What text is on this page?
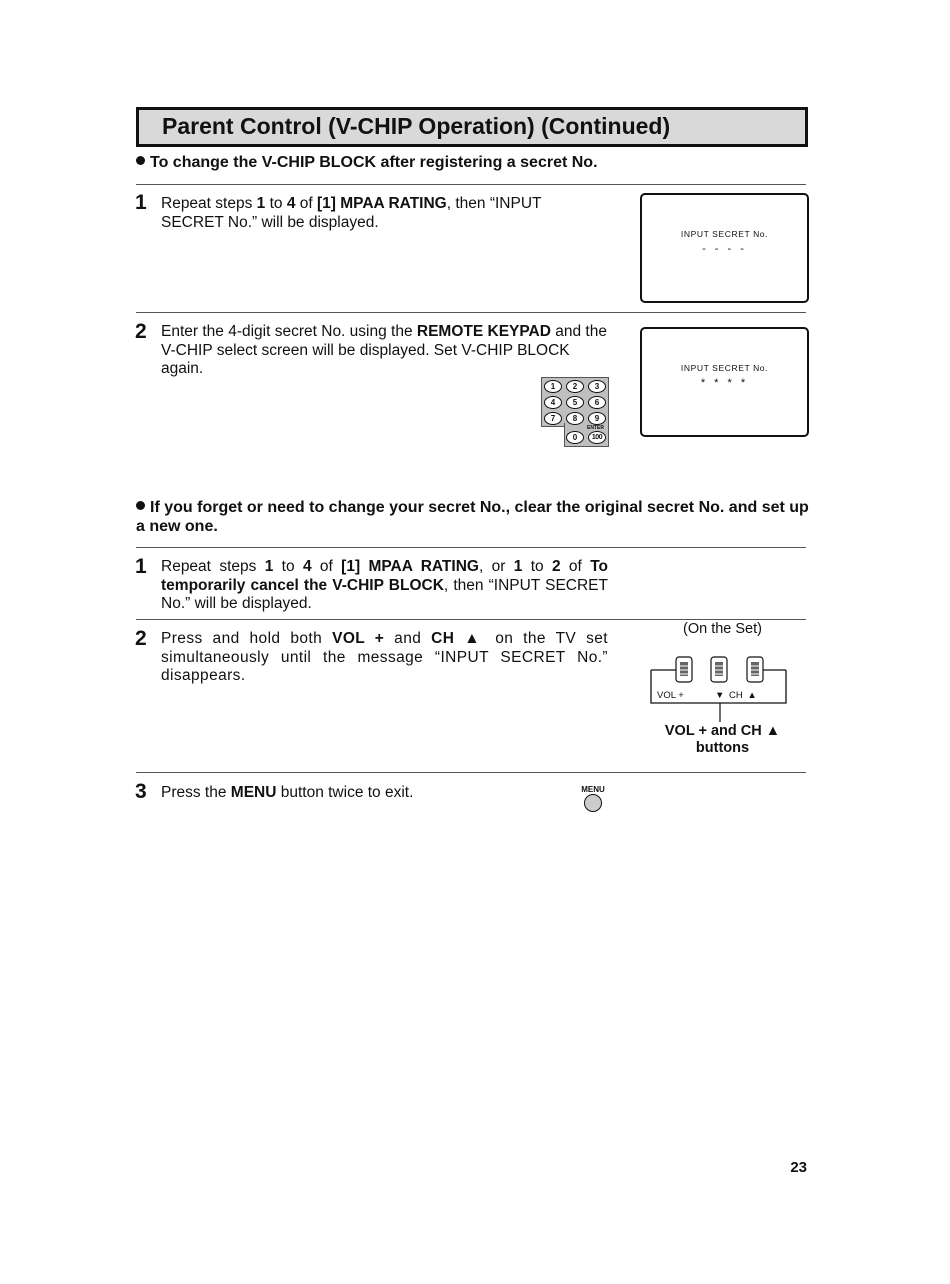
Parent Control (V-CHIP Operation) (Continued)
To change the V-CHIP BLOCK after registering a secret No.
1 Repeat steps 1 to 4 of [1] MPAA RATING, then “INPUT SECRET No.” will be displayed.
INPUT SECRET No.
- - - -
2 Enter the 4-digit secret No. using the REMOTE KEYPAD and the V-CHIP select screen will be displayed. Set V-CHIP BLOCK again.	INPUT SECRET No.
* * * *
1	2	3
4	5	6
7	8	9
ENTER
0	100
If you forget or need to change your secret No., clear the original secret No. and set up a new one.
1 Repeat steps 1 to 4 of [1] MPAA RATING, or 1 to 2 of To temporarily cancel the V-CHIP BLOCK, then “INPUT SECRET No.” will be displayed.
2 Press and hold both VOL + and CH ▲ on the TV set simultaneously until the message “INPUT SECRET No.” disappears.
(On the Set)
VOL +	▼ CH ▲
VOL + and CH ▲
buttons
3 Press the MENU button twice to exit.	MENU
23
